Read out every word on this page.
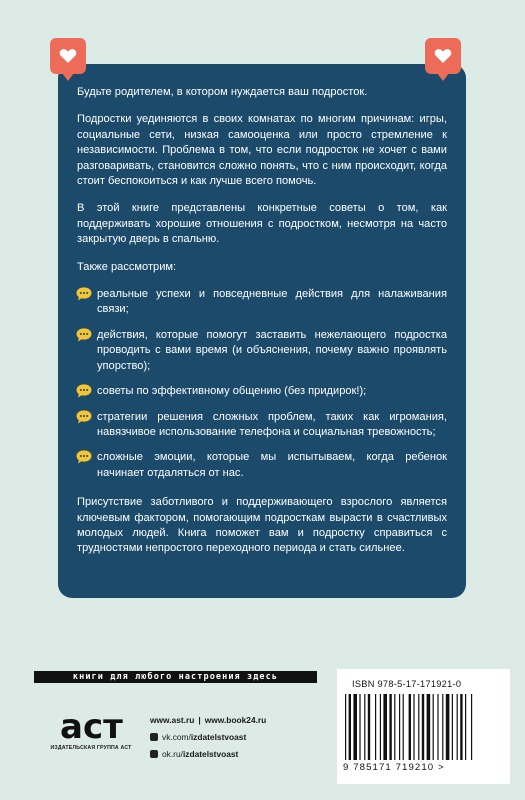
Будьте родителем, в котором нуждается ваш подросток.

Подростки уединяются в своих комнатах по многим причинам: игры, социальные сети, низкая самооценка или просто стремление к независимости. Проблема в том, что если подросток не хочет с вами разговаривать, становится сложно понять, что с ним происходит, когда стоит беспокоиться и как лучше всего помочь.

В этой книге представлены конкретные советы о том, как поддерживать хорошие отношения с подростком, несмотря на часто закрытую дверь в спальню.

Также рассмотрим:

реальные успехи и повседневные действия для налаживания связи;
действия, которые помогут заставить нежелающего подростка проводить с вами время (и объяснения, почему важно проявлять упорство);
советы по эффективному общению (без придирок!);
стратегии решения сложных проблем, таких как игромания, навязчивое использование телефона и социальная тревожность;
сложные эмоции, которые мы испытываем, когда ребенок начинает отдаляться от нас.

Присутствие заботливого и поддерживающего взрослого является ключевым фактором, помогающим подросткам вырасти в счастливых молодых людей. Книга поможет вам и подростку справиться с трудностями непростого переходного периода и стать сильнее.

книги для любого настроения здесь
аст
ИЗДАТЕЛЬСКАЯ ГРУППА АСТ
www.ast.ru | www.book24.ru
vk.com/ izdatelstvoast
ok.ru/ izdatelstvoast
ISBN 978-5-17-171921-0
9 785171 719210 >
